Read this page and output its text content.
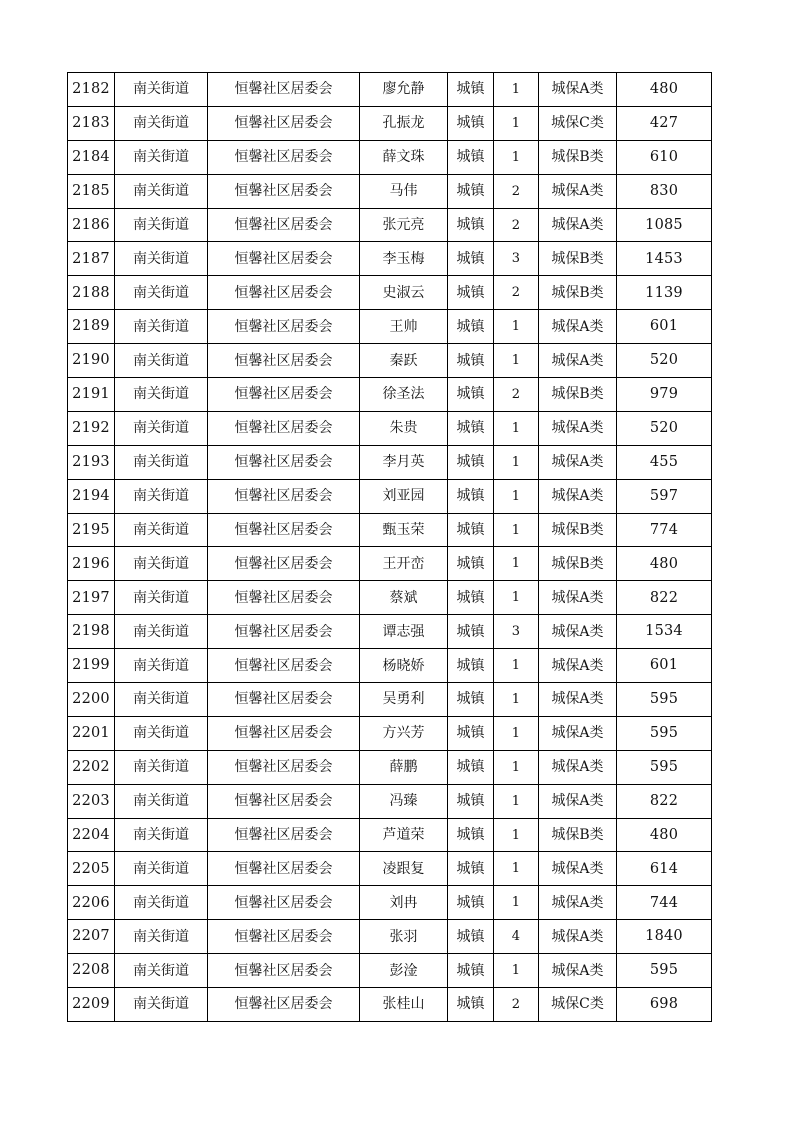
2182	南关街道	恒馨社区居委会	廖允静	城镇	1	城保A类	480
2183	南关街道	恒馨社区居委会	孔振龙	城镇	1	城保C类	427
2184	南关街道	恒馨社区居委会	薛文珠	城镇	1	城保B类	610
2185	南关街道	恒馨社区居委会	马伟	城镇	2	城保A类	830
2186	南关街道	恒馨社区居委会	张元亮	城镇	2	城保A类	1085
2187	南关街道	恒馨社区居委会	李玉梅	城镇	3	城保B类	1453
2188	南关街道	恒馨社区居委会	史淑云	城镇	2	城保B类	1139
2189	南关街道	恒馨社区居委会	王帅	城镇	1	城保A类	601
2190	南关街道	恒馨社区居委会	秦跃	城镇	1	城保A类	520
2191	南关街道	恒馨社区居委会	徐圣法	城镇	2	城保B类	979
2192	南关街道	恒馨社区居委会	朱贵	城镇	1	城保A类	520
2193	南关街道	恒馨社区居委会	李月英	城镇	1	城保A类	455
2194	南关街道	恒馨社区居委会	刘亚园	城镇	1	城保A类	597
2195	南关街道	恒馨社区居委会	甄玉荣	城镇	1	城保B类	774
2196	南关街道	恒馨社区居委会	王开峦	城镇	1	城保B类	480
2197	南关街道	恒馨社区居委会	蔡斌	城镇	1	城保A类	822
2198	南关街道	恒馨社区居委会	谭志强	城镇	3	城保A类	1534
2199	南关街道	恒馨社区居委会	杨晓娇	城镇	1	城保A类	601
2200	南关街道	恒馨社区居委会	吴勇利	城镇	1	城保A类	595
2201	南关街道	恒馨社区居委会	方兴芳	城镇	1	城保A类	595
2202	南关街道	恒馨社区居委会	薛鹏	城镇	1	城保A类	595
2203	南关街道	恒馨社区居委会	冯臻	城镇	1	城保A类	822
2204	南关街道	恒馨社区居委会	芦道荣	城镇	1	城保B类	480
2205	南关街道	恒馨社区居委会	凌跟复	城镇	1	城保A类	614
2206	南关街道	恒馨社区居委会	刘冉	城镇	1	城保A类	744
2207	南关街道	恒馨社区居委会	张羽	城镇	4	城保A类	1840
2208	南关街道	恒馨社区居委会	彭淦	城镇	1	城保A类	595
2209	南关街道	恒馨社区居委会	张桂山	城镇	2	城保C类	698
